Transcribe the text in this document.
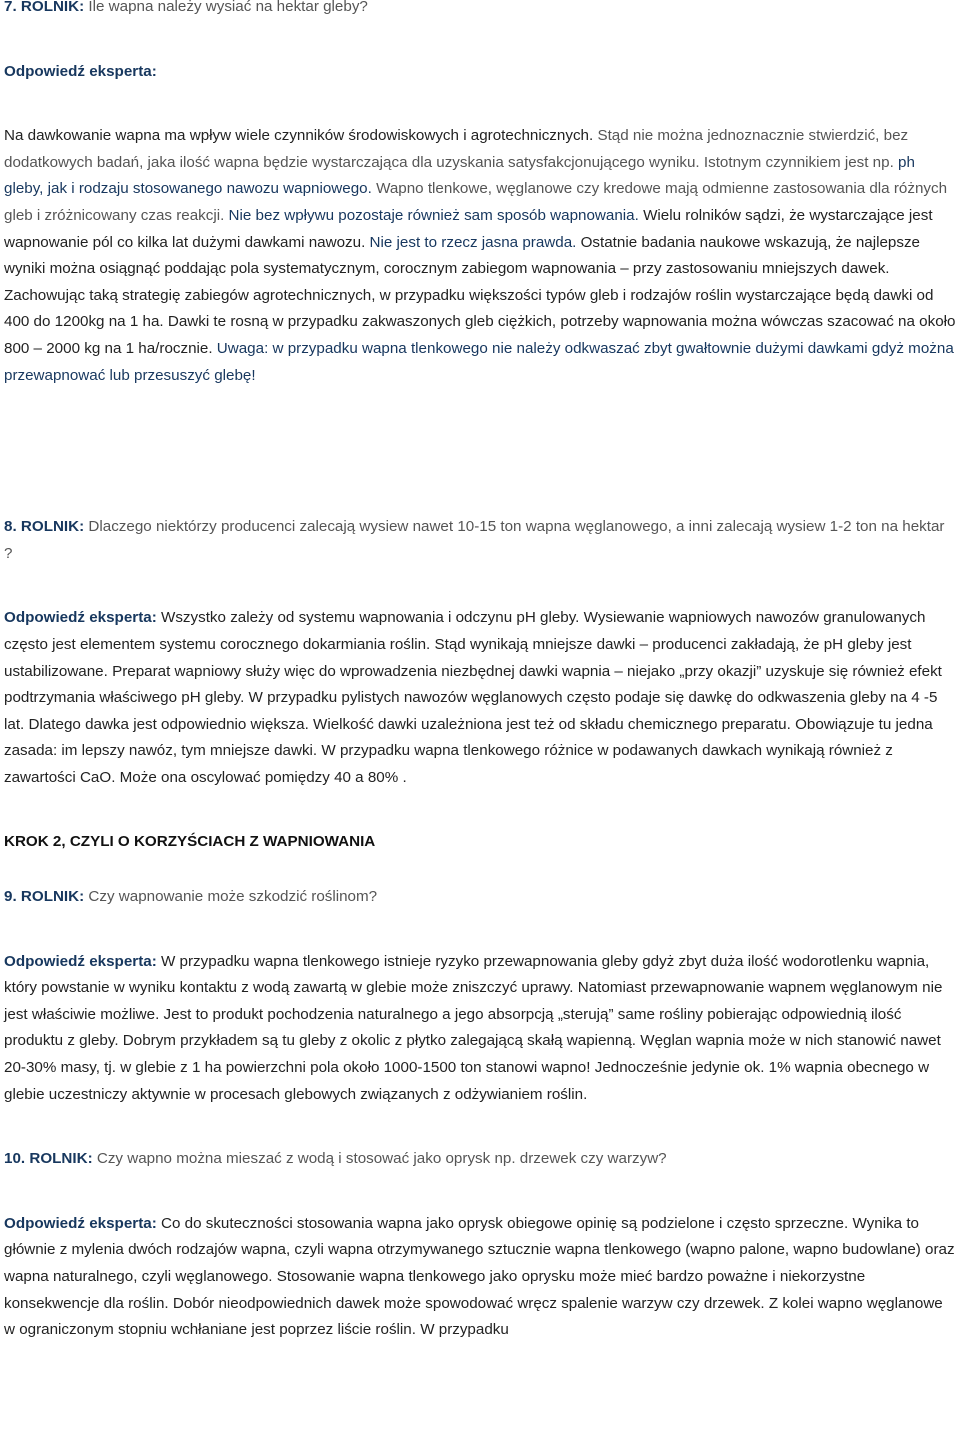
7. ROLNIK: Ile wapna należy wysiać na hektar gleby?

Odpowiedź eksperta:

Na dawkowanie wapna ma wpływ wiele czynników środowiskowych i agrotechnicznych. Stąd nie można jednoznacznie stwierdzić, bez dodatkowych badań, jaka ilość wapna będzie wystarczająca dla uzyskania satysfakcjonującego wyniku. Istotnym czynnikiem jest np. ph gleby, jak i rodzaju stosowanego nawozu wapniowego. Wapno tlenkowe, węglanowe czy kredowe mają odmienne zastosowania dla różnych gleb i zróżnicowany czas reakcji. Nie bez wpływu pozostaje również sam sposób wapnowania. Wielu rolników sądzi, że wystarczające jest wapnowanie pól co kilka lat dużymi dawkami nawozu. Nie jest to rzecz jasna prawda. Ostatnie badania naukowe wskazują, że najlepsze wyniki można osiągnąć poddając pola systematycznym, corocznym zabiegom wapnowania – przy zastosowaniu mniejszych dawek. Zachowując taką strategię zabiegów agrotechnicznych, w przypadku większości typów gleb i rodzajów roślin wystarczające będą dawki od 400 do 1200kg na 1 ha. Dawki te rosną w przypadku zakwaszonych gleb ciężkich, potrzeby wapnowania można wówczas szacować na około 800 – 2000 kg na 1 ha/rocznie. Uwaga: w przypadku wapna tlenkowego nie należy odkwaszać zbyt gwałtownie dużymi dawkami gdyż można przewapnować lub przesuszyć glebę!

8. ROLNIK: Dlaczego niektórzy producenci zalecają wysiew nawet 10-15 ton wapna węglanowego, a inni zalecają wysiew 1-2 ton na hektar ?

Odpowiedź eksperta: Wszystko zależy od systemu wapnowania i odczynu pH gleby. Wysiewanie wapniowych nawozów granulowanych często jest elementem systemu corocznego dokarmiania roślin. Stąd wynikają mniejsze dawki – producenci zakładają, że pH gleby jest ustabilizowane. Preparat wapniowy służy więc do wprowadzenia niezbędnej dawki wapnia – niejako „przy okazji” uzyskuje się również efekt podtrzymania właściwego pH gleby. W przypadku pylistych nawozów węglanowych często podaje się dawkę do odkwaszenia gleby na 4 -5 lat. Dlatego dawka jest odpowiednio większa. Wielkość dawki uzależniona jest też od składu chemicznego preparatu. Obowiązuje tu jedna zasada: im lepszy nawóz, tym mniejsze dawki. W przypadku wapna tlenkowego różnice w podawanych dawkach wynikają również z zawartości CaO. Może ona oscylować pomiędzy 40 a 80% .

KROK 2, CZYLI O KORZYŚCIACH Z WAPNIOWANIA

9. ROLNIK: Czy wapnowanie może szkodzić roślinom?

Odpowiedź eksperta: W przypadku wapna tlenkowego istnieje ryzyko przewapnowania gleby gdyż zbyt duża ilość wodorotlenku wapnia, który powstanie w wyniku kontaktu z wodą zawartą w glebie może zniszczyć uprawy. Natomiast przewapnowanie wapnem węglanowym nie jest właściwie możliwe. Jest to produkt pochodzenia naturalnego a jego absorpcją „sterują” same rośliny pobierając odpowiednią ilość produktu z gleby. Dobrym przykładem są tu gleby z okolic z płytko zalegającą skałą wapienną. Węglan wapnia może w nich stanowić nawet 20-30% masy, tj. w glebie z 1 ha powierzchni pola około 1000-1500 ton stanowi wapno! Jednocześnie jedynie ok. 1% wapnia obecnego w glebie uczestniczy aktywnie w procesach glebowych związanych z odżywianiem roślin.

10. ROLNIK: Czy wapno można mieszać z wodą i stosować jako oprysk np. drzewek czy warzyw?

Odpowiedź eksperta: Co do skuteczności stosowania wapna jako oprysk obiegowe opinię są podzielone i często sprzeczne. Wynika to głównie z mylenia dwóch rodzajów wapna, czyli wapna otrzymywanego sztucznie wapna tlenkowego (wapno palone, wapno budowlane) oraz wapna naturalnego, czyli węglanowego. Stosowanie wapna tlenkowego jako oprysku może mieć bardzo poważne i niekorzystne konsekwencje dla roślin. Dobór nieodpowiednich dawek może spowodować wręcz spalenie warzyw czy drzewek. Z kolei wapno węglanowe w ograniczonym stopniu wchłaniane jest poprzez liście roślin. W przypadku
